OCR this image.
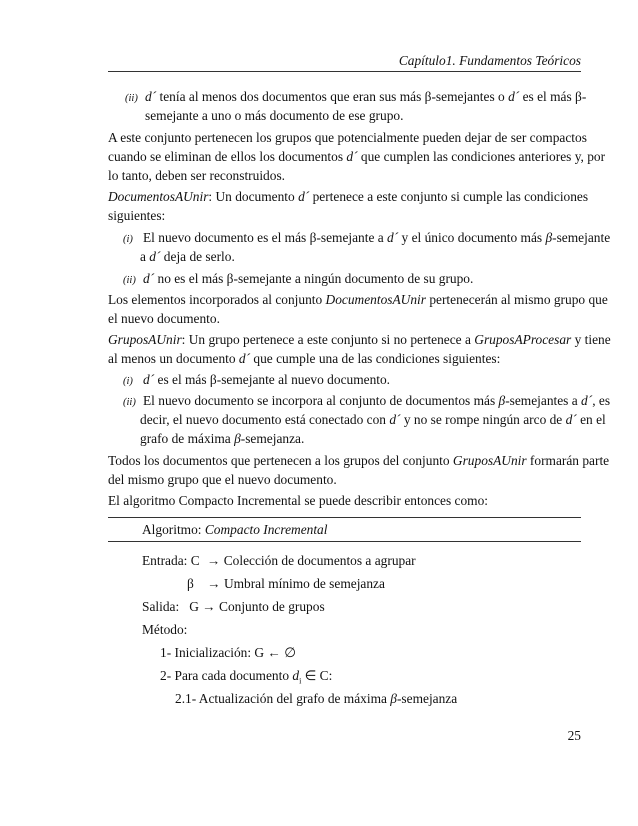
Capítulo1. Fundamentos Teóricos
(ii) d´ tenía al menos dos documentos que eran sus más β-semejantes o d´ es el más β-
semejante a uno o más documento de ese grupo.
A este conjunto pertenecen los grupos que potencialmente pueden dejar de ser compactos
cuando se eliminan de ellos los documentos d´ que cumplen las condiciones anteriores y, por
lo tanto, deben ser reconstruidos.
DocumentosAUnir: Un documento d´ pertenece a este conjunto si cumple las condiciones
siguientes:
(i) El nuevo documento es el más β-semejante a d´ y el único documento más β-semejante
a d´ deja de serlo.
(ii) d´ no es el más β-semejante a ningún documento de su grupo.
Los elementos incorporados al conjunto DocumentosAUnir pertenecerán al mismo grupo que
el nuevo documento.
GruposAUnir: Un grupo pertenece a este conjunto si no pertenece a GruposAProcesar y tiene
al menos un documento d´ que cumple una de las condiciones siguientes:
(i) d´ es el más β-semejante al nuevo documento.
(ii) El nuevo documento se incorpora al conjunto de documentos más β-semejantes a d´, es
decir, el nuevo documento está conectado con d´ y no se rompe ningún arco de d´ en el
grafo de máxima β-semejanza.
Todos los documentos que pertenecen a los grupos del conjunto GruposAUnir formarán parte
del mismo grupo que el nuevo documento.
El algoritmo Compacto Incremental se puede describir entonces como:
Algoritmo: Compacto Incremental
Entrada: C → Colección de documentos a agrupar
β → Umbral mínimo de semejanza
Salida:   G → Conjunto de grupos
Método:
1- Inicialización: G ← ∅
2- Para cada documento $d_i$ ∈ C:
2.1- Actualización del grafo de máxima β-semejanza
25
